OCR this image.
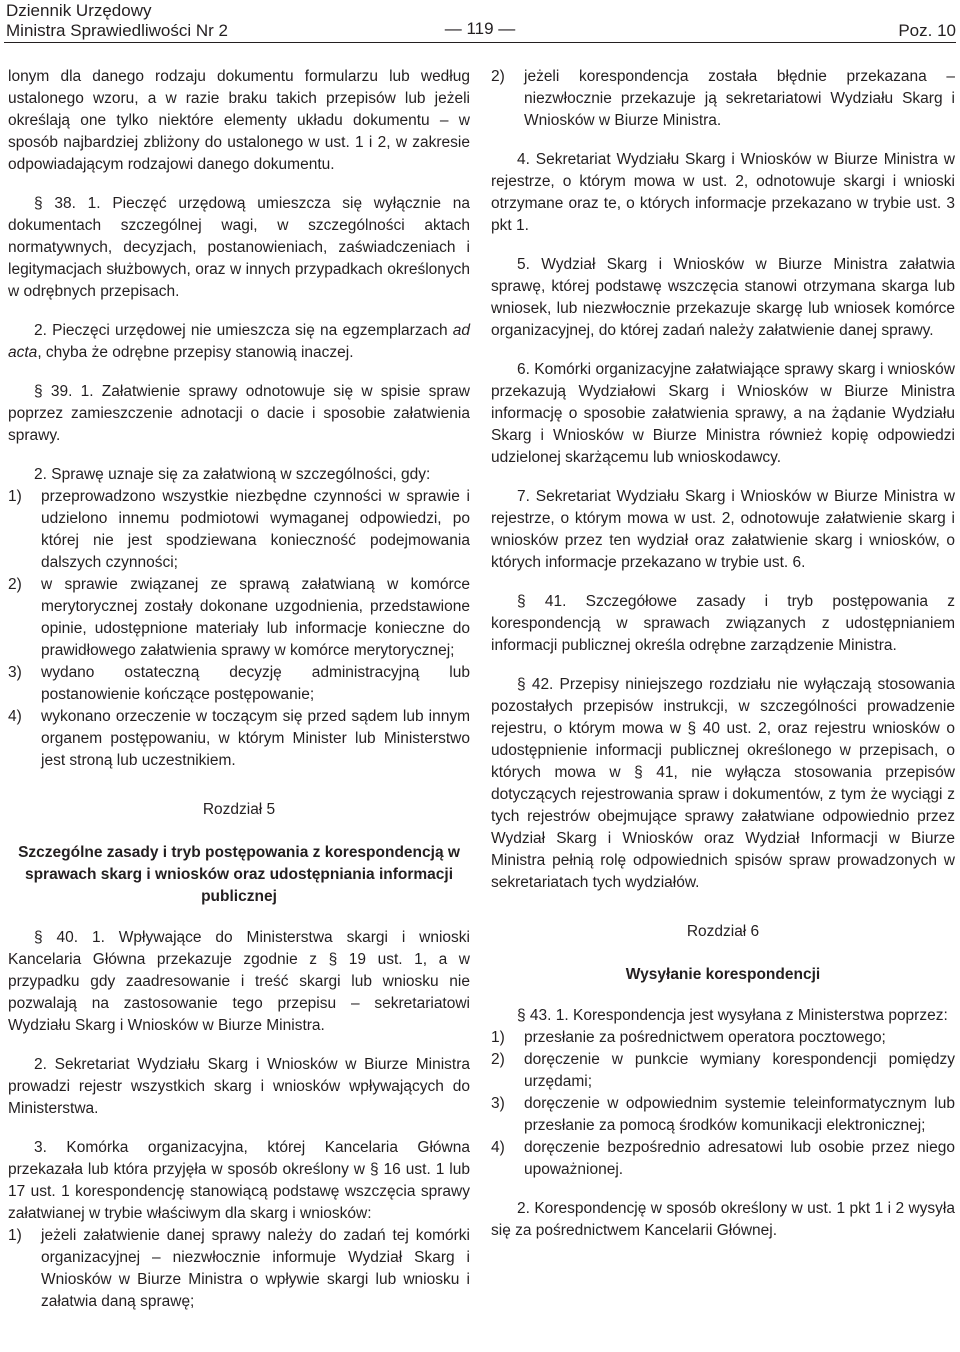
Dziennik Urzędowy
Ministra Sprawiedliwości Nr 2	— 119 —	Poz. 10

lonym dla danego rodzaju dokumentu formularzu lub według ustalonego wzoru, a w razie braku takich przepisów lub jeżeli określają one tylko niektóre elementy układu dokumentu – w sposób najbardziej zbliżony do ustalonego w ust. 1 i 2, w zakresie odpowiadającym rodzajowi danego dokumentu.

§ 38. 1. Pieczęć urzędową umieszcza się wyłącznie na dokumentach szczególnej wagi, w szczególności aktach normatywnych, decyzjach, postanowieniach, zaświadczeniach i legitymacjach służbowych, oraz w innych przypadkach określonych w odrębnych przepisach.

2. Pieczęci urzędowej nie umieszcza się na egzemplarzach ad acta, chyba że odrębne przepisy stanowią inaczej.

§ 39. 1. Załatwienie sprawy odnotowuje się w spisie spraw poprzez zamieszczenie adnotacji o dacie i sposobie załatwienia sprawy.

2. Sprawę uznaje się za załatwioną w szczególności, gdy:

1)	przeprowadzono wszystkie niezbędne czynności w sprawie i udzielono innemu podmiotowi wymaganej odpowiedzi, po której nie jest spodziewana konieczność podejmowania dalszych czynności;
2)	w sprawie związanej ze sprawą załatwianą w komórce merytorycznej zostały dokonane uzgodnienia, przedstawione opinie, udostępnione materiały lub informacje konieczne do prawidłowego załatwienia sprawy w komórce merytorycznej;
3)	wydano ostateczną decyzję administracyjną lub postanowienie kończące postępowanie;
4)	wykonano orzeczenie w toczącym się przed sądem lub innym organem postępowaniu, w którym Minister lub Ministerstwo jest stroną lub uczestnikiem.

Rozdział 5

Szczególne zasady i tryb postępowania z korespondencją w sprawach skarg i wniosków oraz udostępniania informacji publicznej

§ 40. 1. Wpływające do Ministerstwa skargi i wnioski Kancelaria Główna przekazuje zgodnie z § 19 ust. 1, a w przypadku gdy zaadresowanie i treść skargi lub wniosku nie pozwalają na zastosowanie tego przepisu – sekretariatowi Wydziału Skarg i Wniosków w Biurze Ministra.

2. Sekretariat Wydziału Skarg i Wniosków w Biurze Ministra prowadzi rejestr wszystkich skarg i wniosków wpływających do Ministerstwa.

3. Komórka organizacyjna, której Kancelaria Główna przekazała lub która przyjęła w sposób określony w § 16 ust. 1 lub 17 ust. 1 korespondencję stanowiącą podstawę wszczęcia sprawy załatwianej w trybie właściwym dla skarg i wniosków:

1)	jeżeli załatwienie danej sprawy należy do zadań tej komórki organizacyjnej – niezwłocznie informuje Wydział Skarg i Wniosków w Biurze Ministra o wpływie skargi lub wniosku i załatwia daną sprawę;
2)	jeżeli korespondencja została błędnie przekazana – niezwłocznie przekazuje ją sekretariatowi Wydziału Skarg i Wniosków w Biurze Ministra.

4. Sekretariat Wydziału Skarg i Wniosków w Biurze Ministra w rejestrze, o którym mowa w ust. 2, odnotowuje skargi i wnioski otrzymane oraz te, o których informacje przekazano w trybie ust. 3 pkt 1.

5. Wydział Skarg i Wniosków w Biurze Ministra załatwia sprawę, której podstawę wszczęcia stanowi otrzymana skarga lub wniosek, lub niezwłocznie przekazuje skargę lub wniosek komórce organizacyjnej, do której zadań należy załatwienie danej sprawy.

6. Komórki organizacyjne załatwiające sprawy skarg i wniosków przekazują Wydziałowi Skarg i Wniosków w Biurze Ministra informację o sposobie załatwienia sprawy, a na żądanie Wydziału Skarg i Wniosków w Biurze Ministra również kopię odpowiedzi udzielonej skarżącemu lub wnioskodawcy.

7. Sekretariat Wydziału Skarg i Wniosków w Biurze Ministra w rejestrze, o którym mowa w ust. 2, odnotowuje załatwienie skarg i wniosków przez ten wydział oraz załatwienie skarg i wniosków, o których informacje przekazano w trybie ust. 6.

§ 41. Szczegółowe zasady i tryb postępowania z korespondencją w sprawach związanych z udostępnianiem informacji publicznej określa odrębne zarządzenie Ministra.

§ 42. Przepisy niniejszego rozdziału nie wyłączają stosowania pozostałych przepisów instrukcji, w szczególności prowadzenie rejestru, o którym mowa w § 40 ust. 2, oraz rejestru wniosków o udostępnienie informacji publicznej określonego w przepisach, o których mowa w § 41, nie wyłącza stosowania przepisów dotyczących rejestrowania spraw i dokumentów, z tym że wyciągi z tych rejestrów obejmujące sprawy załatwiane odpowiednio przez Wydział Skarg i Wniosków oraz Wydział Informacji w Biurze Ministra pełnią rolę odpowiednich spisów spraw prowadzonych w sekretariatach tych wydziałów.

Rozdział 6

Wysyłanie korespondencji

§ 43. 1. Korespondencja jest wysyłana z Ministerstwa poprzez:

1)	przesłanie za pośrednictwem operatora pocztowego;
2)	doręczenie w punkcie wymiany korespondencji pomiędzy urzędami;
3)	doręczenie w odpowiednim systemie teleinformatycznym lub przesłanie za pomocą środków komunikacji elektronicznej;
4)	doręczenie bezpośrednio adresatowi lub osobie przez niego upoważnionej.

2. Korespondencję w sposób określony w ust. 1 pkt 1 i 2 wysyła się za pośrednictwem Kancelarii Głównej.
